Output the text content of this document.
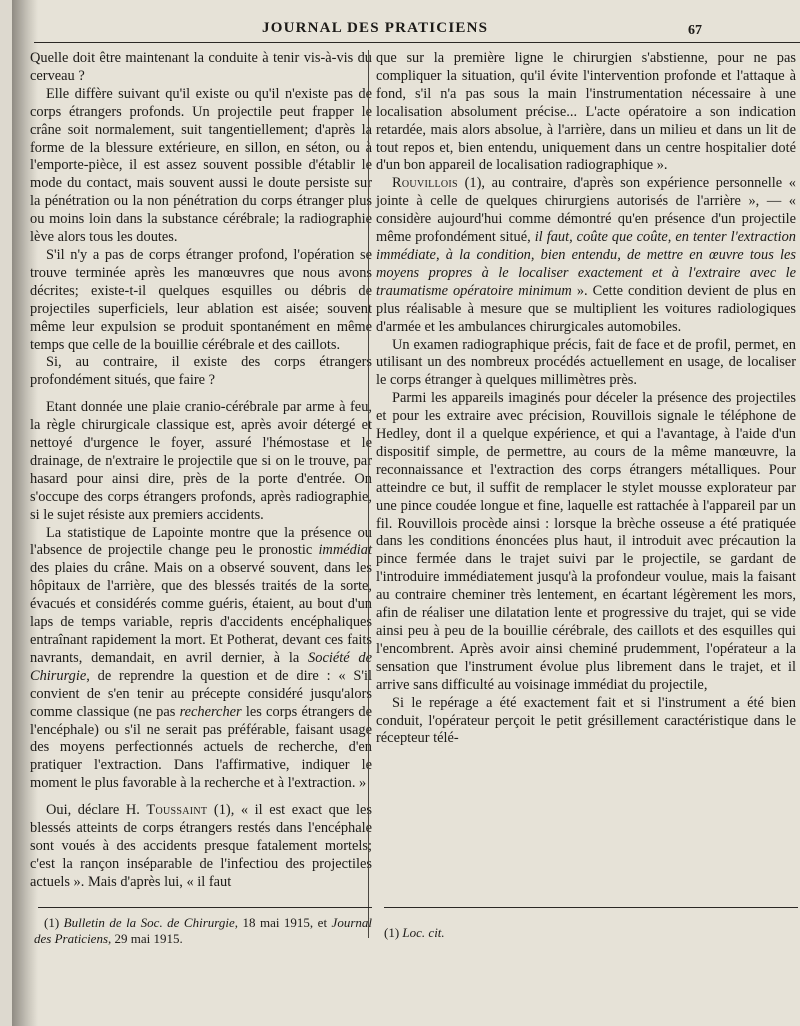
JOURNAL DES PRATICIENS	67

Quelle doit être maintenant la conduite à tenir vis-à-vis du cerveau ?

Elle diffère suivant qu'il existe ou qu'il n'existe pas de corps étrangers profonds. Un projectile peut frapper le crâne soit normalement, suit tangentiellement; d'après la forme de la blessure extérieure, en sillon, en séton, ou à l'emporte-pièce, il est assez souvent possible d'établir le mode du contact, mais souvent aussi le doute persiste sur la pénétration ou la non pénétration du corps étranger plus ou moins loin dans la substance cérébrale; la radiographie lève alors tous les doutes.

S'il n'y a pas de corps étranger profond, l'opération se trouve terminée après les manœuvres que nous avons décrites; existe-t-il quelques esquilles ou débris de projectiles superficiels, leur ablation est aisée; souvent même leur expulsion se produit spontanément en même temps que celle de la bouillie cérébrale et des caillots.

Si, au contraire, il existe des corps étrangers profondément situés, que faire ?

Etant donnée une plaie cranio-cérébrale par arme à feu, la règle chirurgicale classique est, après avoir détergé et nettoyé d'urgence le foyer, assuré l'hémostase et le drainage, de n'extraire le projectile que si on le trouve, par hasard pour ainsi dire, près de la porte d'entrée. On s'occupe des corps étrangers profonds, après radiographie, si le sujet résiste aux premiers accidents.

La statistique de Lapointe montre que la présence ou l'absence de projectile change peu le pronostic immédiat des plaies du crâne. Mais on a observé souvent, dans les hôpitaux de l'arrière, que des blessés traités de la sorte, évacués et considérés comme guéris, étaient, au bout d'un laps de temps variable, repris d'accidents encéphaliques entraînant rapidement la mort. Et Potherat, devant ces faits navrants, demandait, en avril dernier, à la Société de Chirurgie, de reprendre la question et de dire : « S'il convient de s'en tenir au précepte considéré jusqu'alors comme classique (ne pas rechercher les corps étrangers de l'encéphale) ou s'il ne serait pas préférable, faisant usage des moyens perfectionnés actuels de recherche, d'en pratiquer l'extraction. Dans l'affirmative, indiquer le moment le plus favorable à la recherche et à l'extraction. »

Oui, déclare H. Toussaint (1), « il est exact que les blessés atteints de corps étrangers restés dans l'encéphale sont voués à des accidents presque fatalement mortels; c'est la rançon inséparable de l'infectiou des projectiles actuels ». Mais d'après lui, « il faut

que sur la première ligne le chirurgien s'abstienne, pour ne pas compliquer la situation, qu'il évite l'intervention profonde et l'attaque à fond, s'il n'a pas sous la main l'instrumentation nécessaire à une localisation absolument précise... L'acte opératoire a son indication retardée, mais alors absolue, à l'arrière, dans un milieu et dans un lit de tout repos et, bien entendu, uniquement dans un centre hospitalier doté d'un bon appareil de localisation radiographique ».

Rouvillois (1), au contraire, d'après son expérience personnelle « jointe à celle de quelques chirurgiens autorisés de l'arrière », — « considère aujourd'hui comme démontré qu'en présence d'un projectile même profondément situé, il faut, coûte que coûte, en tenter l'extraction immédiate, à la condition, bien entendu, de mettre en œuvre tous les moyens propres à le localiser exactement et à l'extraire avec le traumatisme opératoire minimum ». Cette condition devient de plus en plus réalisable à mesure que se multiplient les voitures radiologiques d'armée et les ambulances chirurgicales automobiles.

Un examen radiographique précis, fait de face et de profil, permet, en utilisant un des nombreux procédés actuellement en usage, de localiser le corps étranger à quelques millimètres près.

Parmi les appareils imaginés pour déceler la présence des projectiles et pour les extraire avec précision, Rouvillois signale le téléphone de Hedley, dont il a quelque expérience, et qui a l'avantage, à l'aide d'un dispositif simple, de permettre, au cours de la même manœuvre, la reconnaissance et l'extraction des corps étrangers métalliques. Pour atteindre ce but, il suffit de remplacer le stylet mousse explorateur par une pince coudée longue et fine, laquelle est rattachée à l'appareil par un fil. Rouvillois procède ainsi : lorsque la brèche osseuse a été pratiquée dans les conditions énoncées plus haut, il introduit avec précaution la pince fermée dans le trajet suivi par le projectile, se gardant de l'introduire immédiatement jusqu'à la profondeur voulue, mais la faisant au contraire cheminer très lentement, en écartant légèrement les mors, afin de réaliser une dilatation lente et progressive du trajet, qui se vide ainsi peu à peu de la bouillie cérébrale, des caillots et des esquilles qui l'encombrent. Après avoir ainsi cheminé prudemment, l'opérateur a la sensation que l'instrument évolue plus librement dans le trajet, et il arrive sans difficulté au voisinage immédiat du projectile,

Si le repérage a été exactement fait et si l'instrument a été bien conduit, l'opérateur perçoit le petit grésillement caractéristique dans le récepteur télé-

(1) Bulletin de la Soc. de Chirurgie, 18 mai 1915, et Journal des Praticiens, 29 mai 1915.	(1) Loc. cit.
